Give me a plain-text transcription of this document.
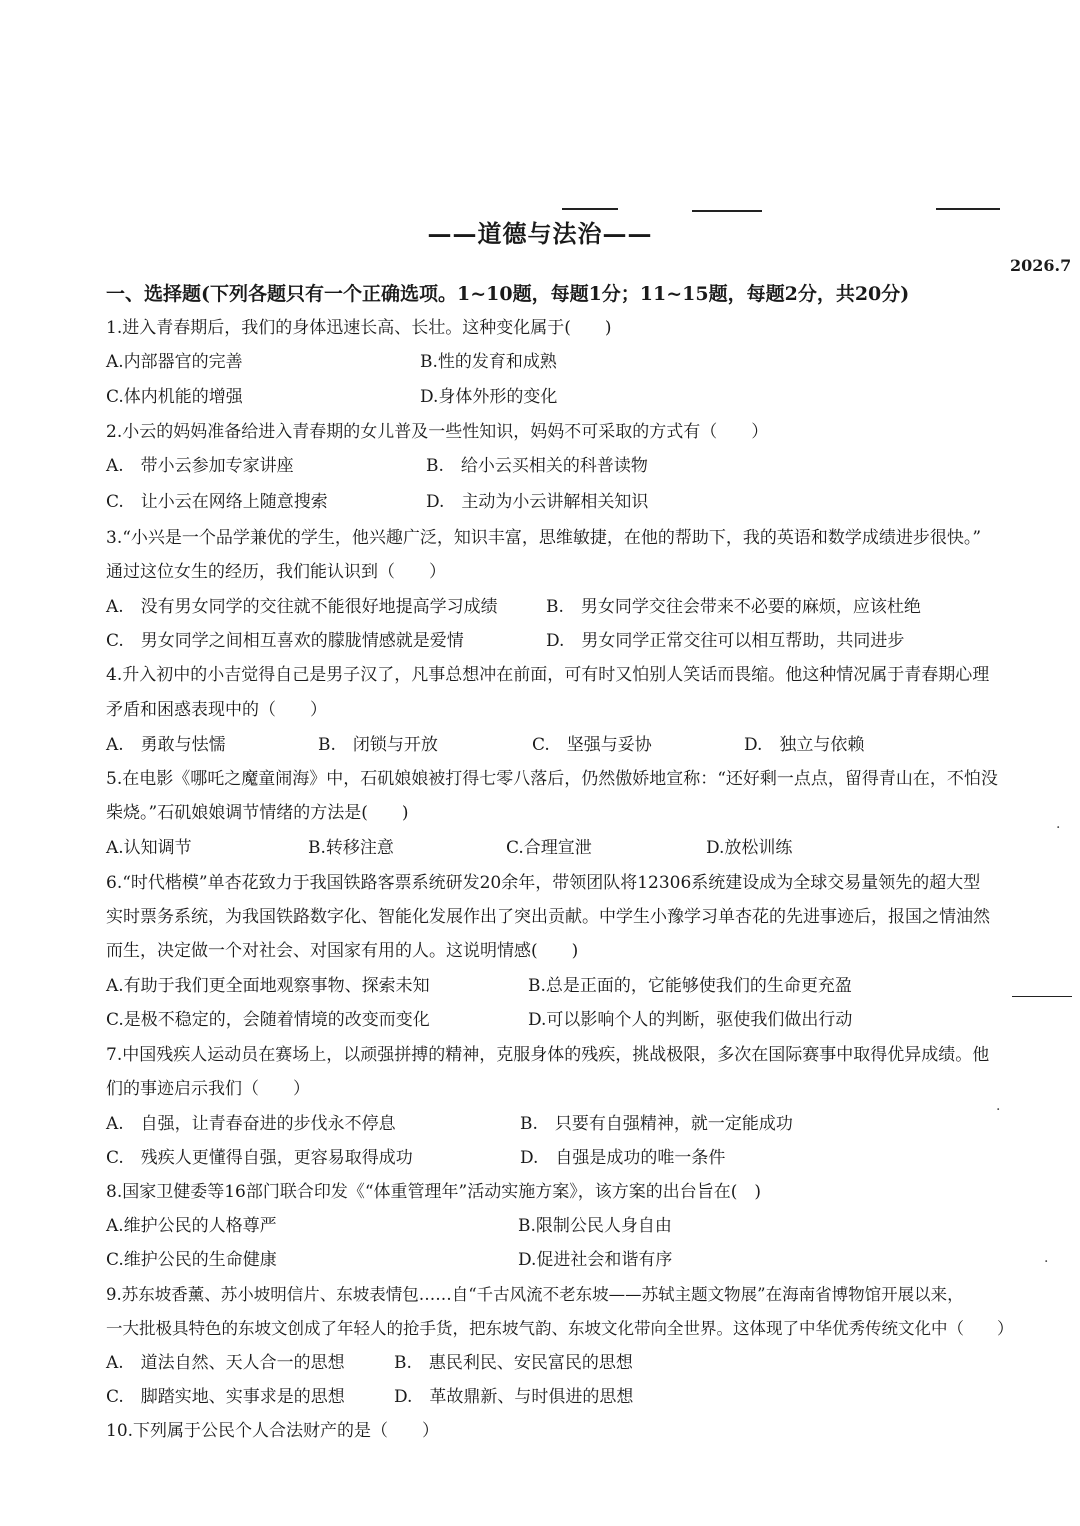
——道德与法治——
2026.7
一、选择题(下列各题只有一个正确选项。1~10题，每题1分；11~15题，每题2分，共20分)
1.进入青春期后，我们的身体迅速长高、长壮。这种变化属于(　　)
A.内部器官的完善	B.性的发育和成熟
C.体内机能的增强	D.身体外形的变化
2.小云的妈妈准备给进入青春期的女儿普及一些性知识，妈妈不可采取的方式有（　　）
A.　带小云参加专家讲座	B.　给小云买相关的科普读物
C.　让小云在网络上随意搜索	D.　主动为小云讲解相关知识
3.“小兴是一个品学兼优的学生，他兴趣广泛，知识丰富，思维敏捷，在他的帮助下，我的英语和数学成绩进步很快。”
通过这位女生的经历，我们能认识到（　　）
A.　没有男女同学的交往就不能很好地提高学习成绩	B.　男女同学交往会带来不必要的麻烦，应该杜绝
C.　男女同学之间相互喜欢的朦胧情感就是爱情	D.　男女同学正常交往可以相互帮助，共同进步
4.升入初中的小吉觉得自己是男子汉了，凡事总想冲在前面，可有时又怕别人笑话而畏缩。他这种情况属于青春期心理
矛盾和困惑表现中的（　　）
A.　勇敢与怯懦	B.　闭锁与开放	C.　坚强与妥协	D.　独立与依赖
5.在电影《哪吒之魔童闹海》中，石矶娘娘被打得七零八落后，仍然傲娇地宣称：“还好剩一点点，留得青山在，不怕没
柴烧。”石矶娘娘调节情绪的方法是(　　)
A.认知调节	B.转移注意	C.合理宣泄	D.放松训练
6.“时代楷模”单杏花致力于我国铁路客票系统研发20余年，带领团队将12306系统建设成为全球交易量领先的超大型
实时票务系统，为我国铁路数字化、智能化发展作出了突出贡献。中学生小豫学习单杏花的先进事迹后，报国之情油然
而生，决定做一个对社会、对国家有用的人。这说明情感(　　)
A.有助于我们更全面地观察事物、探索未知	B.总是正面的，它能够使我们的生命更充盈
C.是极不稳定的，会随着情境的改变而变化	D.可以影响个人的判断，驱使我们做出行动
7.中国残疾人运动员在赛场上，以顽强拼搏的精神，克服身体的残疾，挑战极限，多次在国际赛事中取得优异成绩。他
们的事迹启示我们（　　）
A.　自强，让青春奋进的步伐永不停息	B.　只要有自强精神，就一定能成功
C.　残疾人更懂得自强，更容易取得成功	D.　自强是成功的唯一条件
8.国家卫健委等16部门联合印发《“体重管理年”活动实施方案》，该方案的出台旨在(　)
A.维护公民的人格尊严	B.限制公民人身自由
C.维护公民的生命健康	D.促进社会和谐有序
9.苏东坡香薰、苏小坡明信片、东坡表情包……自“千古风流不老东坡——苏轼主题文物展”在海南省博物馆开展以来，
一大批极具特色的东坡文创成了年轻人的抢手货，把东坡气韵、东坡文化带向全世界。这体现了中华优秀传统文化中（　　）
A.　道法自然、天人合一的思想	B.　惠民利民、安民富民的思想
C.　脚踏实地、实事求是的思想	D.　革故鼎新、与时俱进的思想
10.下列属于公民个人合法财产的是（　　）
·
·
·
